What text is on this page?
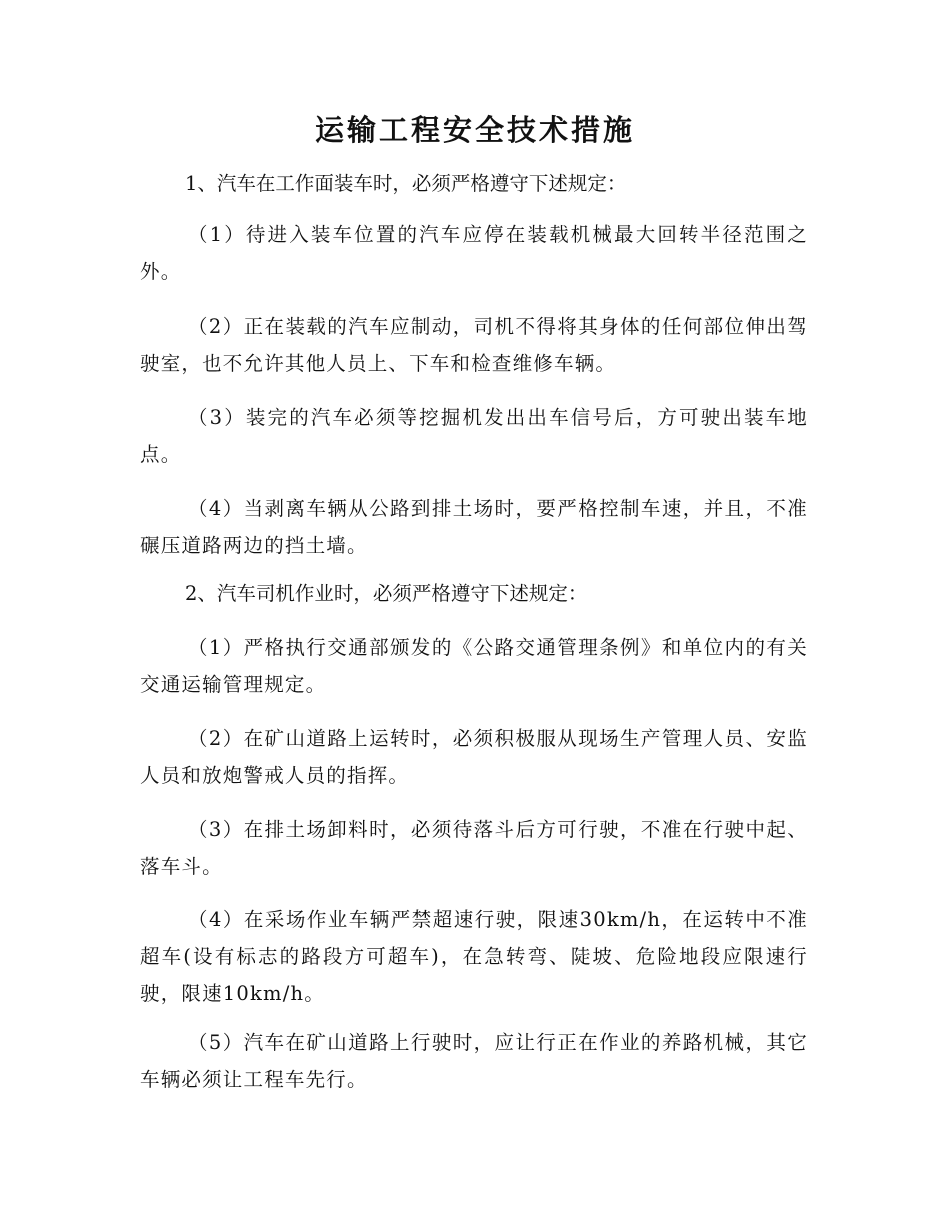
运输工程安全技术措施

1、汽车在工作面装车时，必须严格遵守下述规定：

（1）待进入装车位置的汽车应停在装载机械最大回转半径范围之外。

（2）正在装载的汽车应制动，司机不得将其身体的任何部位伸出驾驶室，也不允许其他人员上、下车和检查维修车辆。

（3）装完的汽车必须等挖掘机发出出车信号后，方可驶出装车地点。

（4）当剥离车辆从公路到排土场时，要严格控制车速，并且，不准碾压道路两边的挡土墙。

2、汽车司机作业时，必须严格遵守下述规定：

（1）严格执行交通部颁发的《公路交通管理条例》和单位内的有关交通运输管理规定。

（2）在矿山道路上运转时，必须积极服从现场生产管理人员、安监人员和放炮警戒人员的指挥。

（3）在排土场卸料时，必须待落斗后方可行驶，不准在行驶中起、落车斗。

（4）在采场作业车辆严禁超速行驶，限速30km/h，在运转中不准超车(设有标志的路段方可超车)，在急转弯、陡坡、危险地段应限速行驶，限速10km/h。

（5）汽车在矿山道路上行驶时，应让行正在作业的养路机械，其它车辆必须让工程车先行。
